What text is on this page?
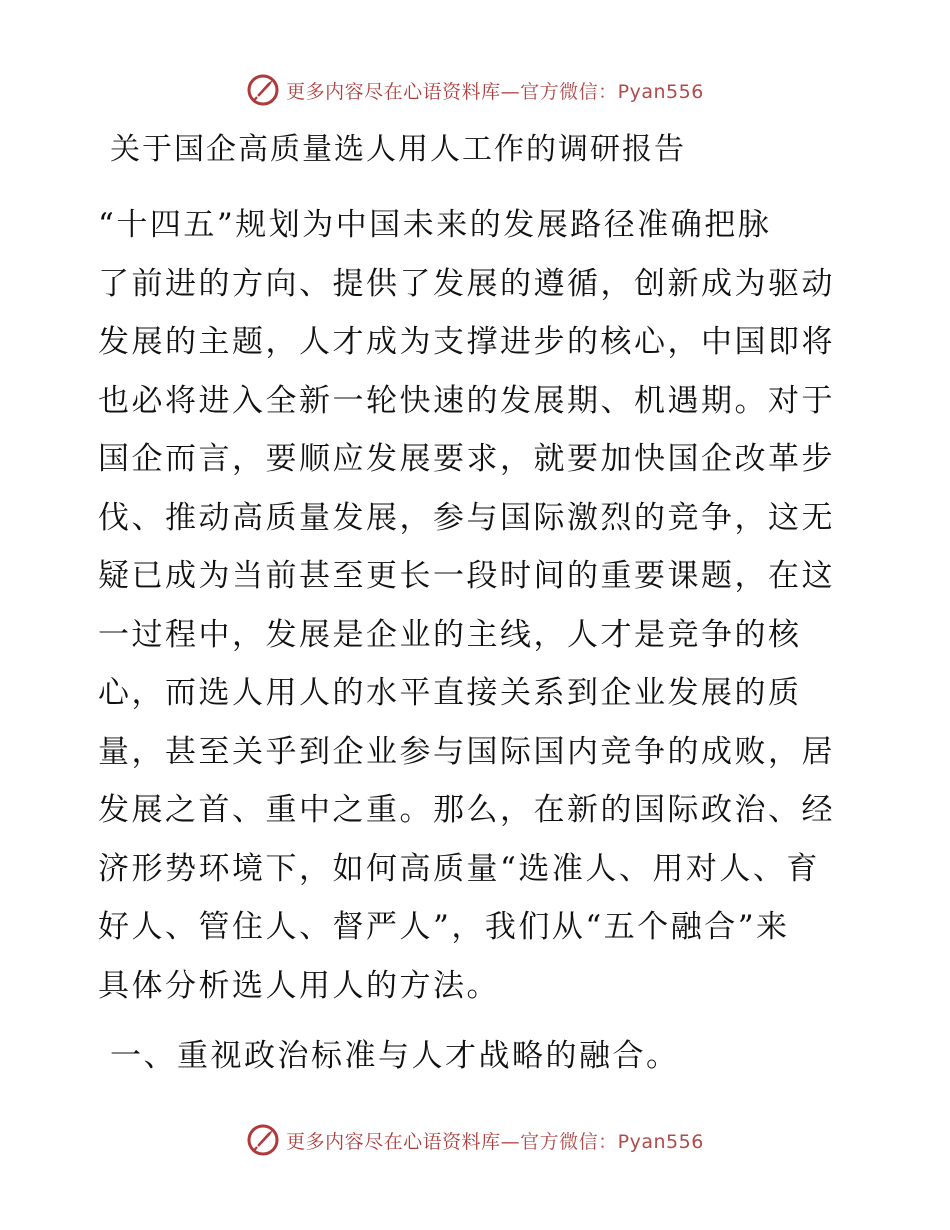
更多内容尽在心语资料库—官方微信：Pyan556
关于国企高质量选人用人工作的调研报告
“十四五”规划为中国未来的发展路径准确把脉
了前进的方向、提供了发展的遵循，创新成为驱动
发展的主题，人才成为支撑进步的核心，中国即将
也必将进入全新一轮快速的发展期、机遇期。对于
国企而言，要顺应发展要求，就要加快国企改革步
伐、推动高质量发展，参与国际激烈的竞争，这无
疑已成为当前甚至更长一段时间的重要课题，在这
一过程中，发展是企业的主线，人才是竞争的核
心，而选人用人的水平直接关系到企业发展的质
量，甚至关乎到企业参与国际国内竞争的成败，居
发展之首、重中之重。那么，在新的国际政治、经
济形势环境下，如何高质量“选准人、用对人、育
好人、管住人、督严人”，我们从“五个融合”来
具体分析选人用人的方法。
一、重视政治标准与人才战略的融合。
更多内容尽在心语资料库—官方微信：Pyan556
